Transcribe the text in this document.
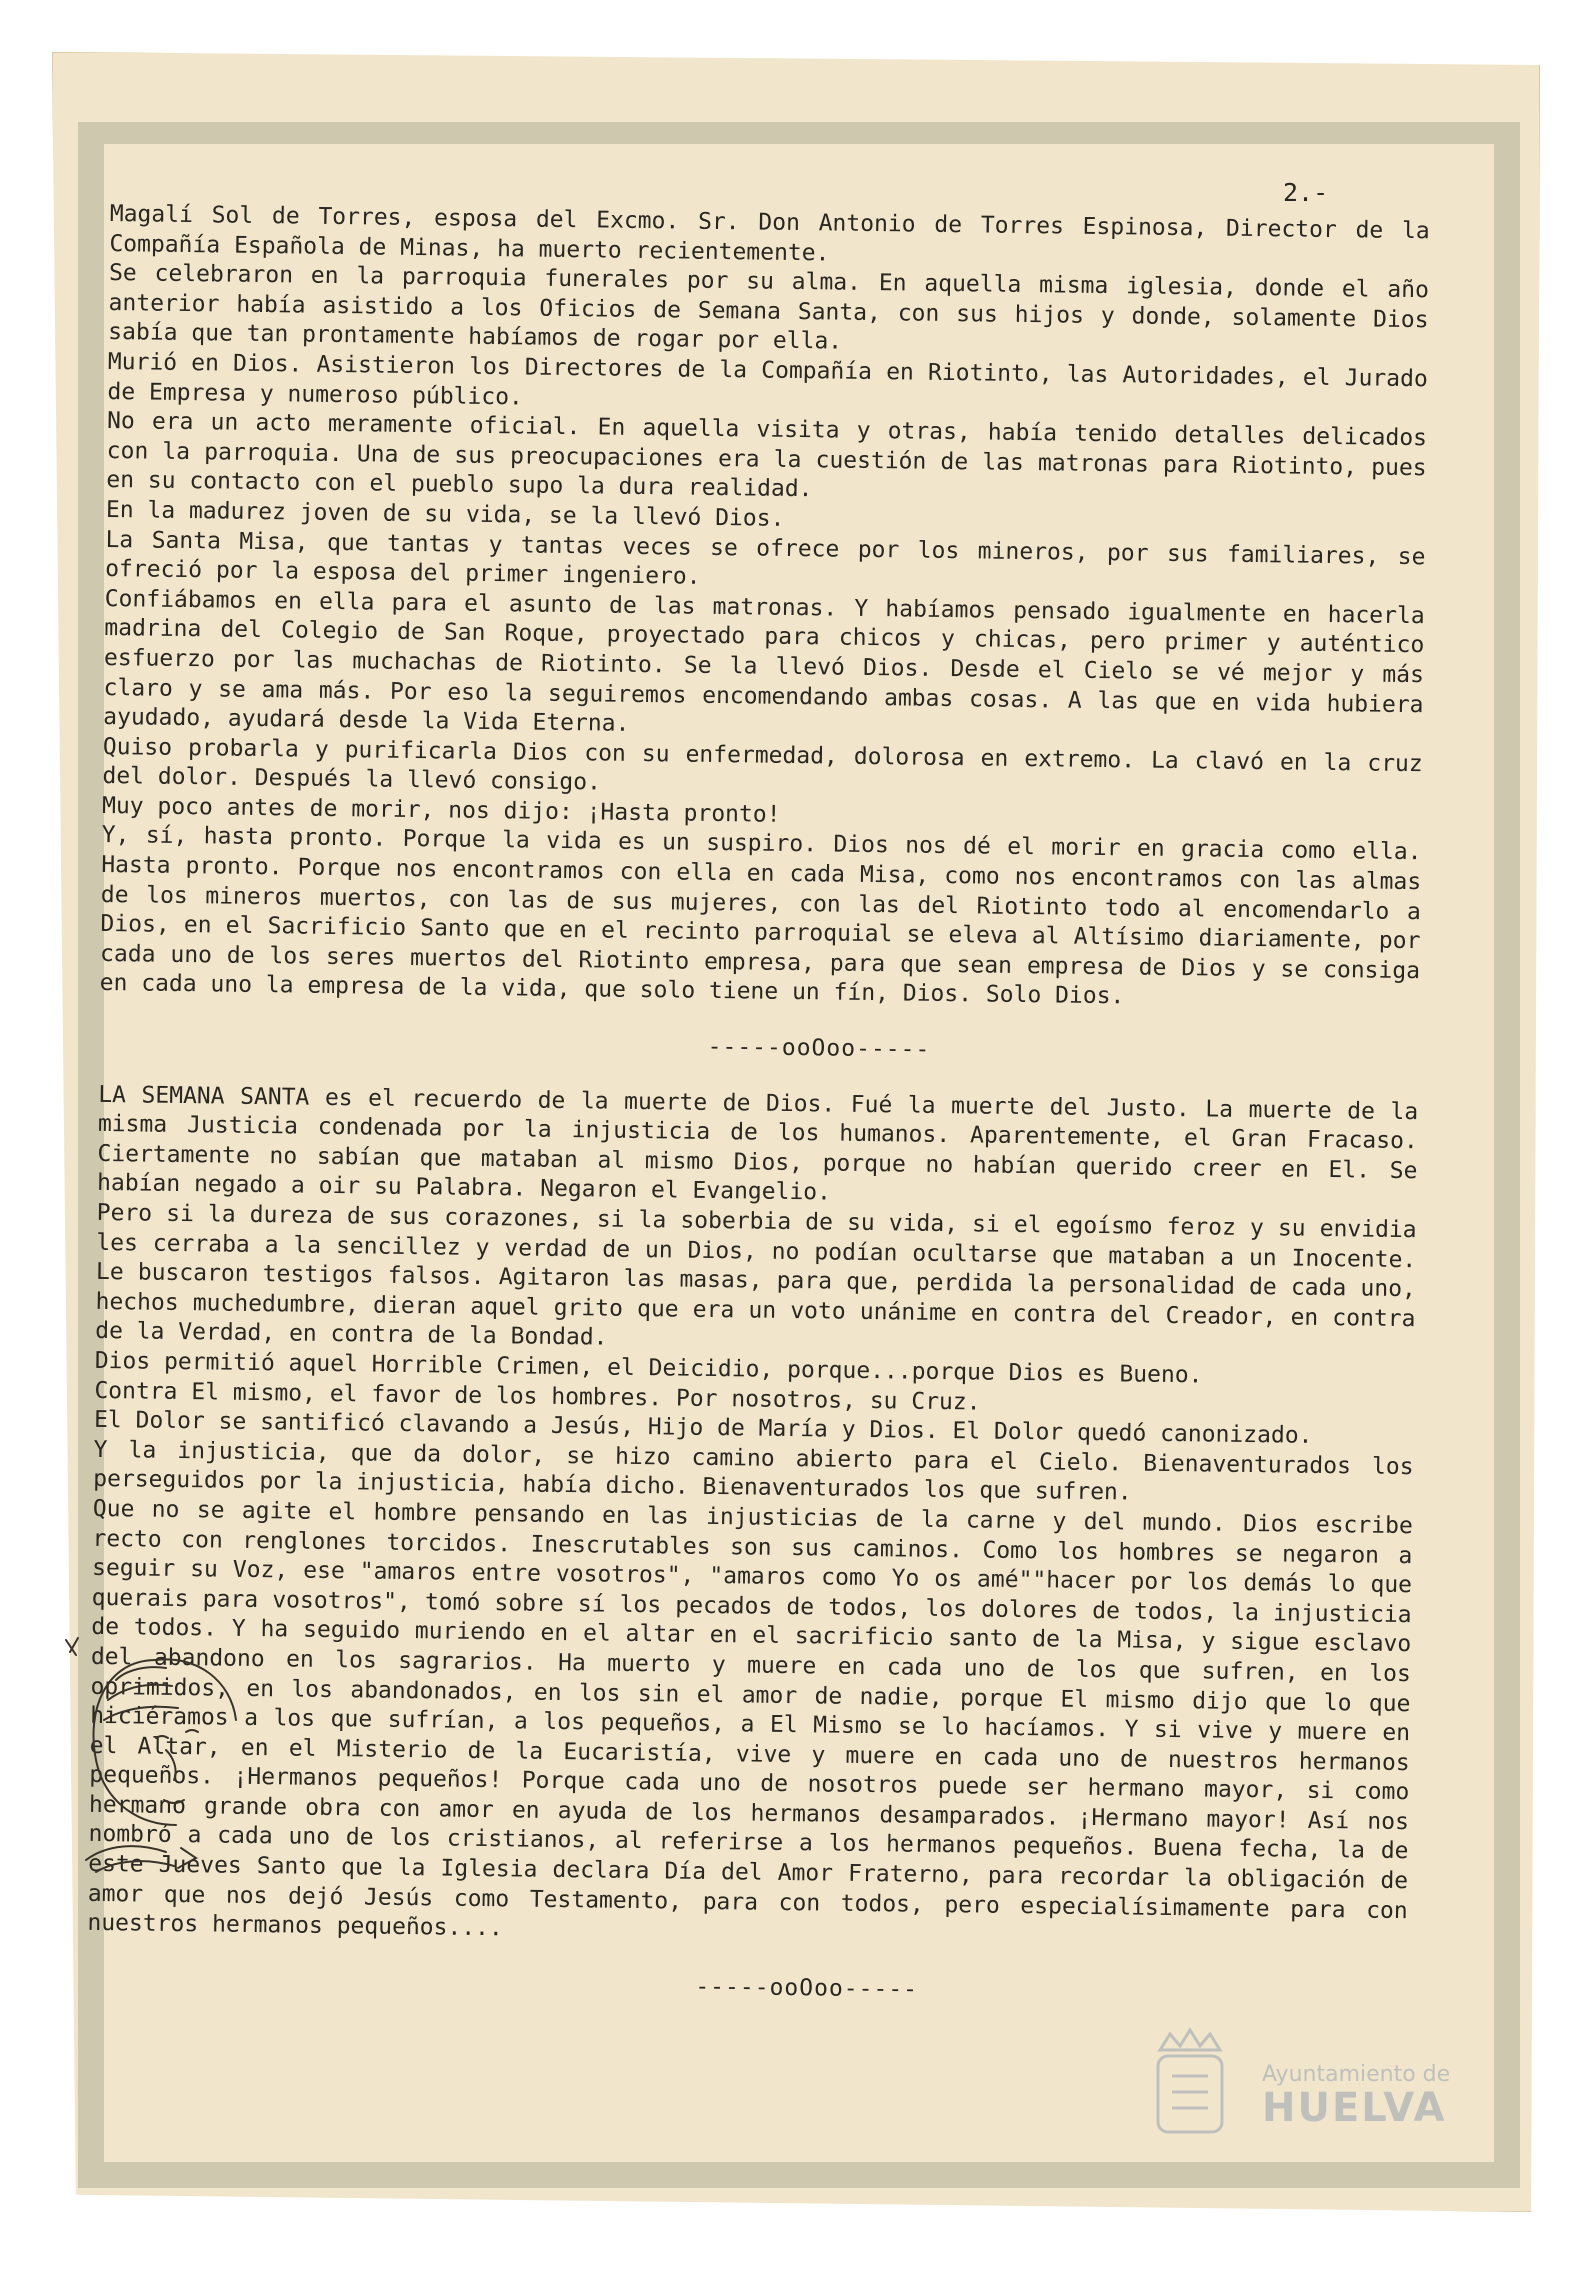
2.-

Magalí Sol de Torres, esposa del Excmo. Sr. Don Antonio de Torres Espinosa, Director de la Compañía Española de Minas, ha muerto recientemente.

Se celebraron en la parroquia funerales por su alma. En aquella misma iglesia, donde el año anterior había asistido a los Oficios de Semana Santa, con sus hijos y donde, solamente Dios sabía que tan prontamente habíamos de rogar por ella.

Murió en Dios. Asistieron los Directores de la Compañía en Riotinto, las Autoridades, el Jurado de Empresa y numeroso público.

No era un acto meramente oficial. En aquella visita y otras, había tenido detalles delicados con la parroquia. Una de sus preocupaciones era la cuestión de las matronas para Riotinto, pues en su contacto con el pueblo supo la dura realidad.

En la madurez joven de su vida, se la llevó Dios.

La Santa Misa, que tantas y tantas veces se ofrece por los mineros, por sus familiares, se ofreció por la esposa del primer ingeniero.

Confiábamos en ella para el asunto de las matronas. Y habíamos pensado igualmente en hacerla madrina del Colegio de San Roque, proyectado para chicos y chicas, pero primer y auténtico esfuerzo por las muchachas de Riotinto. Se la llevó Dios. Desde el Cielo se vé mejor y más claro y se ama más. Por eso la seguiremos encomendando ambas cosas. A las que en vida hubiera ayudado, ayudará desde la Vida Eterna.

Quiso probarla y purificarla Dios con su enfermedad, dolorosa en extremo. La clavó en la cruz del dolor. Después la llevó consigo.

Muy poco antes de morir, nos dijo: ¡Hasta pronto!

Y, sí, hasta pronto. Porque la vida es un suspiro. Dios nos dé el morir en gracia como ella. Hasta pronto. Porque nos encontramos con ella en cada Misa, como nos encontramos con las almas de los mineros muertos, con las de sus mujeres, con las del Riotinto todo al encomendarlo a Dios, en el Sacrificio Santo que en el recinto parroquial se eleva al Altísimo diariamente, por cada uno de los seres muertos del Riotinto empresa, para que sean empresa de Dios y se consiga en cada uno la empresa de la vida, que solo tiene un fín, Dios. Solo Dios.

-----ooOoo-----

LA SEMANA SANTA es el recuerdo de la muerte de Dios. Fué la muerte del Justo. La muerte de la misma Justicia condenada por la injusticia de los humanos. Aparentemente, el Gran Fracaso. Ciertamente no sabían que mataban al mismo Dios, porque no habían querido creer en El. Se habían negado a oir su Palabra. Negaron el Evangelio.

Pero si la dureza de sus corazones, si la soberbia de su vida, si el egoísmo feroz y su envidia les cerraba a la sencillez y verdad de un Dios, no podían ocultarse que mataban a un Inocente. Le buscaron testigos falsos. Agitaron las masas, para que, perdida la personalidad de cada uno, hechos muchedumbre, dieran aquel grito que era un voto unánime en contra del Creador, en contra de la Verdad, en contra de la Bondad.

Dios permitió aquel Horrible Crimen, el Deicidio, porque...porque Dios es Bueno.

Contra El mismo, el favor de los hombres. Por nosotros, su Cruz.

El Dolor se santificó clavando a Jesús, Hijo de María y Dios. El Dolor quedó canonizado.

Y la injusticia, que da dolor, se hizo camino abierto para el Cielo. Bienaventurados los perseguidos por la injusticia, había dicho. Bienaventurados los que sufren.

Que no se agite el hombre pensando en las injusticias de la carne y del mundo. Dios escribe recto con renglones torcidos. Inescrutables son sus caminos. Como los hombres se negaron a seguir su Voz, ese "amaros entre vosotros", "amaros como Yo os amé""hacer por los demás lo que querais para vosotros", tomó sobre sí los pecados de todos, los dolores de todos, la injusticia de todos. Y ha seguido muriendo en el altar en el sacrificio santo de la Misa, y sigue esclavo del abandono en los sagrarios. Ha muerto y muere en cada uno de los que sufren, en los oprimidos, en los abandonados, en los sin el amor de nadie, porque El mismo dijo que lo que hiciéramos a los que sufrían, a los pequeños, a El Mismo se lo hacíamos. Y si vive y muere en el Altar, en el Misterio de la Eucaristía, vive y muere en cada uno de nuestros hermanos pequeños. ¡Hermanos pequeños! Porque cada uno de nosotros puede ser hermano mayor, si como hermano grande obra con amor en ayuda de los hermanos desamparados. ¡Hermano mayor! Así nos nombró a cada uno de los cristianos, al referirse a los hermanos pequeños. Buena fecha, la de este Jueves Santo que la Iglesia declara Día del Amor Fraterno, para recordar la obligación de amor que nos dejó Jesús como Testamento, para con todos, pero especialísimamente para con nuestros hermanos pequeños....

-----ooOoo-----
Ayuntamiento de
HUELVA
